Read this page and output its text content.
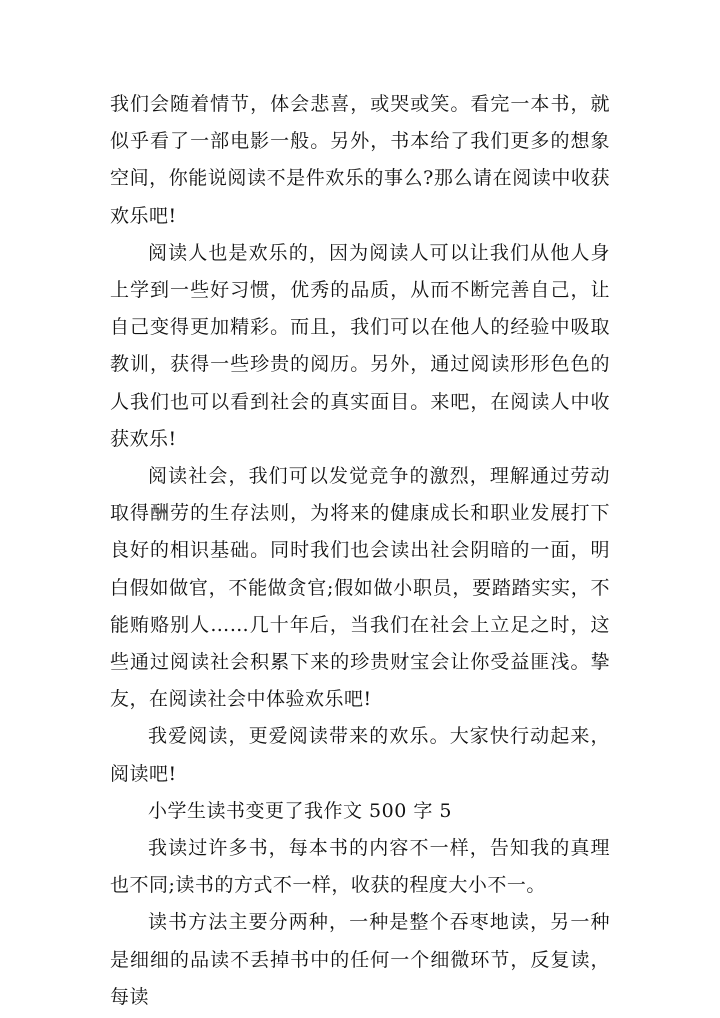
我们会随着情节，体会悲喜，或哭或笑。看完一本书，就似乎看了一部电影一般。另外，书本给了我们更多的想象空间，你能说阅读不是件欢乐的事么?那么请在阅读中收获欢乐吧!

阅读人也是欢乐的，因为阅读人可以让我们从他人身上学到一些好习惯，优秀的品质，从而不断完善自己，让自己变得更加精彩。而且，我们可以在他人的经验中吸取教训，获得一些珍贵的阅历。另外，通过阅读形形色色的人我们也可以看到社会的真实面目。来吧，在阅读人中收获欢乐!

阅读社会，我们可以发觉竞争的激烈，理解通过劳动取得酬劳的生存法则，为将来的健康成长和职业发展打下良好的相识基础。同时我们也会读出社会阴暗的一面，明白假如做官，不能做贪官;假如做小职员，要踏踏实实，不能贿赂别人……几十年后，当我们在社会上立足之时，这些通过阅读社会积累下来的珍贵财宝会让你受益匪浅。挚友，在阅读社会中体验欢乐吧!

我爱阅读，更爱阅读带来的欢乐。大家快行动起来，阅读吧!

小学生读书变更了我作文 500 字 5

我读过许多书，每本书的内容不一样，告知我的真理也不同;读书的方式不一样，收获的程度大小不一。

读书方法主要分两种，一种是整个吞枣地读，另一种是细细的品读不丢掉书中的任何一个细微环节，反复读，每读
